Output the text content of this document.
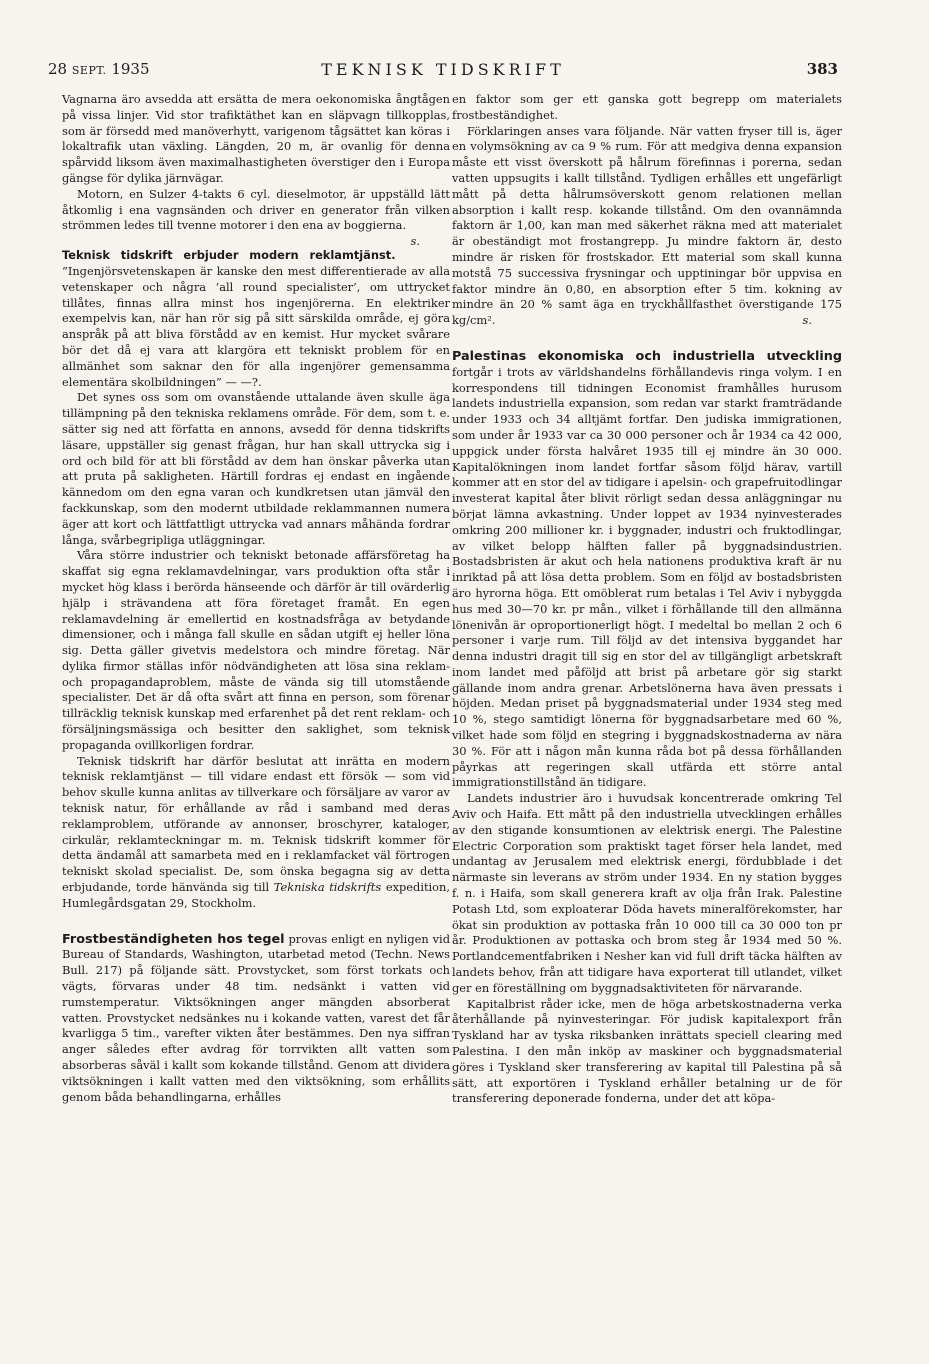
28 SEPT. 1935	TEKNISK TIDSKRIFT	383

Vagnarna äro avsedda att ersätta de mera oekonomiska ångtågen på vissa linjer. Vid stor trafiktäthet kan en släpvagn tillkopplas, som är försedd med manöverhytt, varigenom tågsättet kan köras i lokaltrafik utan växling. Längden, 20 m, är ovanlig för denna spårvidd liksom även maximalhastigheten överstiger den i Europa gängse för dylika järnvägar.

Motorn, en Sulzer 4-takts 6 cyl. dieselmotor, är uppställd lätt åtkomlig i ena vagnsänden och driver en generator från vilken strömmen ledes till tvenne motorer i den ena av boggierna.
s.

Teknisk tidskrift erbjuder modern reklamtjänst. ”Ingenjörsvetenskapen är kanske den mest differentierade av alla vetenskaper och några ’all round specialister’, om uttrycket tillåtes, finnas allra minst hos ingenjörerna. En elektriker exempelvis kan, när han rör sig på sitt särskilda område, ej göra anspråk på att bliva förstådd av en kemist. Hur mycket svårare bör det då ej vara att klargöra ett tekniskt problem för en allmänhet som saknar den för alla ingenjörer gemensamma elementära skolbildningen” — —?.

Det synes oss som om ovanstående uttalande även skulle äga tillämpning på den tekniska reklamens område. För dem, som t. e. sätter sig ned att författa en annons, avsedd för denna tidskrifts läsare, uppställer sig genast frågan, hur han skall uttrycka sig i ord och bild för att bli förstådd av dem han önskar påverka utan att pruta på sakligheten. Härtill fordras ej endast en ingående kännedom om den egna varan och kundkretsen utan jämväl den fackkunskap, som den modernt utbildade reklammannen numera äger att kort och lättfattligt uttrycka vad annars måhända fordrar långa, svårbegripliga utläggningar.

Våra större industrier och tekniskt betonade affärsföretag ha skaffat sig egna reklamavdelningar, vars produktion ofta står i mycket hög klass i berörda hänseende och därför är till ovärderlig hjälp i strävandena att föra företaget framåt. En egen reklamavdelning är emellertid en kostnadsfråga av betydande dimensioner, och i många fall skulle en sådan utgift ej heller löna sig. Detta gäller givetvis medelstora och mindre företag. När dylika firmor ställas inför nödvändigheten att lösa sina reklam- och propagandaproblem, måste de vända sig till utomstående specialister. Det är då ofta svårt att finna en person, som förenar tillräcklig teknisk kunskap med erfarenhet på det rent reklam- och försäljningsmässiga och besitter den saklighet, som teknisk propaganda ovillkorligen fordrar.

Teknisk tidskrift har därför beslutat att inrätta en modern teknisk reklamtjänst — till vidare endast ett försök — som vid behov skulle kunna anlitas av tillverkare och försäljare av varor av teknisk natur, för erhållande av råd i samband med deras reklamproblem, utförande av annonser, broschyrer, kataloger, cirkulär, reklamteckningar m. m. Teknisk tidskrift kommer för detta ändamål att samarbeta med en i reklamfacket väl förtrogen tekniskt skolad specialist. De, som önska begagna sig av detta erbjudande, torde hänvända sig till Tekniska tidskrifts expedition, Humlegårdsgatan 29, Stockholm.

Frostbeständigheten hos tegel provas enligt en nyligen vid Bureau of Standards, Washington, utarbetad metod (Techn. News Bull. 217) på följande sätt. Provstycket, som först torkats och vägts, förvaras under 48 tim. nedsänkt i vatten vid rumstemperatur. Viktsökningen anger mängden absorberat vatten. Provstycket nedsänkes nu i kokande vatten, varest det får kvarligga 5 tim., varefter vikten åter bestämmes. Den nya siffran anger således efter avdrag för torrvikten allt vatten som absorberas såväl i kallt som kokande tillstånd. Genom att dividera viktsökningen i kallt vatten med den viktsökning, som erhållits genom båda behandlingarna, erhålles

en faktor som ger ett ganska gott begrepp om materialets frostbeständighet.

Förklaringen anses vara följande. När vatten fryser till is, äger en volymsökning av ca 9 % rum. För att medgiva denna expansion måste ett visst överskott på hålrum förefinnas i porerna, sedan vatten uppsugits i kallt tillstånd. Tydligen erhålles ett ungefärligt mått på detta hålrumsöverskott genom relationen mellan absorption i kallt resp. kokande tillstånd. Om den ovannämnda faktorn är 1,00, kan man med säkerhet räkna med att materialet är obeständigt mot frostangrepp. Ju mindre faktorn är, desto mindre är risken för frostskador. Ett material som skall kunna motstå 75 successiva frysningar och upptiningar bör uppvisa en faktor mindre än 0,80, en absorption efter 5 tim. kokning av mindre än 20 % samt äga en tryckhållfasthet överstigande 175 kg/cm².	s.

Palestinas ekonomiska och industriella utveckling fortgår i trots av världshandelns förhållandevis ringa volym. I en korrespondens till tidningen Economist framhålles hurusom landets industriella expansion, som redan var starkt framträdande under 1933 och 34 alltjämt fortfar. Den judiska immigrationen, som under år 1933 var ca 30 000 personer och år 1934 ca 42 000, uppgick under första halvåret 1935 till ej mindre än 30 000. Kapitalökningen inom landet fortfar såsom följd härav, vartill kommer att en stor del av tidigare i apelsin- och grapefruitodlingar investerat kapital åter blivit rörligt sedan dessa anläggningar nu börjat lämna avkastning. Under loppet av 1934 nyinvesterades omkring 200 millioner kr. i byggnader, industri och fruktodlingar, av vilket belopp hälften faller på byggnadsindustrien. Bostadsbristen är akut och hela nationens produktiva kraft är nu inriktad på att lösa detta problem. Som en följd av bostadsbristen äro hyrorna höga. Ett omöblerat rum betalas i Tel Aviv i nybyggda hus med 30—70 kr. pr mån., vilket i förhållande till den allmänna lönenivån är oproportionerligt högt. I medeltal bo mellan 2 och 6 personer i varje rum. Till följd av det intensiva byggandet har denna industri dragit till sig en stor del av tillgängligt arbetskraft inom landet med påföljd att brist på arbetare gör sig starkt gällande inom andra grenar. Arbetslönerna hava även pressats i höjden. Medan priset på byggnadsmaterial under 1934 steg med 10 %, stego samtidigt lönerna för byggnadsarbetare med 60 %, vilket hade som följd en stegring i byggnadskostnaderna av nära 30 %. För att i någon mån kunna råda bot på dessa förhållanden påyrkas att regeringen skall utfärda ett större antal immigrationstillstånd än tidigare.

Landets industrier äro i huvudsak koncentrerade omkring Tel Aviv och Haifa. Ett mått på den industriella utvecklingen erhålles av den stigande konsumtionen av elektrisk energi. The Palestine Electric Corporation som praktiskt taget förser hela landet, med undantag av Jerusalem med elektrisk energi, fördubblade i det närmaste sin leverans av ström under 1934. En ny station bygges f. n. i Haifa, som skall generera kraft av olja från Irak. Palestine Potash Ltd, som exploaterar Döda havets mineralförekomster, har ökat sin produktion av pottaska från 10 000 till ca 30 000 ton pr år. Produktionen av pottaska och brom steg år 1934 med 50 %. Portlandcementfabriken i Nesher kan vid full drift täcka hälften av landets behov, från att tidigare hava exporterat till utlandet, vilket ger en föreställning om byggnadsaktiviteten för närvarande.

Kapitalbrist råder icke, men de höga arbetskostnaderna verka återhållande på nyinvesteringar. För judisk kapitalexport från Tyskland har av tyska riksbanken inrättats speciell clearing med Palestina. I den mån inköp av maskiner och byggnadsmaterial göres i Tyskland sker transferering av kapital till Palestina på så sätt, att exportören i Tyskland erhåller betalning ur de för transferering deponerade fonderna, under det att köpa-
